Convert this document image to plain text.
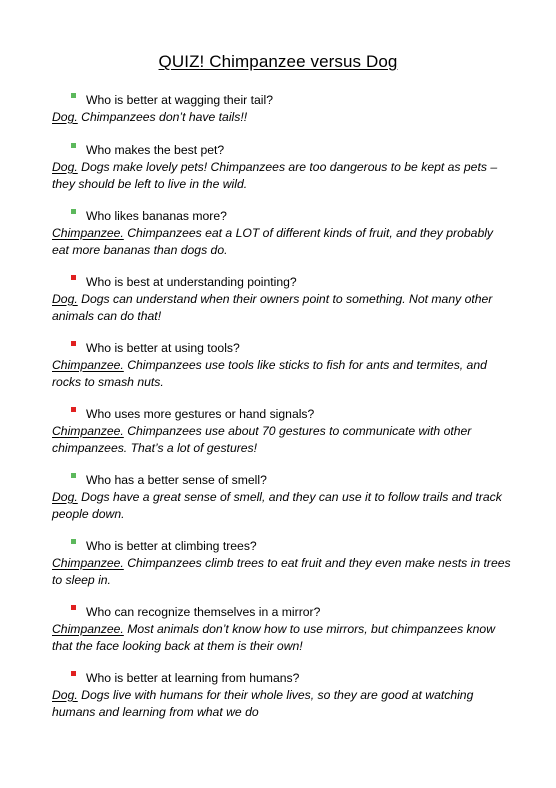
QUIZ! Chimpanzee versus Dog
Who is better at wagging their tail?
Dog. Chimpanzees don’t have tails!!
Who makes the best pet?
Dog. Dogs make lovely pets! Chimpanzees are too dangerous to be kept as pets – they should be left to live in the wild.
Who likes bananas more?
Chimpanzee. Chimpanzees eat a LOT of different kinds of fruit, and they probably eat more bananas than dogs do.
Who is best at understanding pointing?
Dog. Dogs can understand when their owners point to something. Not many other animals can do that!
Who is better at using tools?
Chimpanzee. Chimpanzees use tools like sticks to fish for ants and termites, and rocks to smash nuts.
Who uses more gestures or hand signals?
Chimpanzee. Chimpanzees use about 70 gestures to communicate with other chimpanzees. That’s a lot of gestures!
Who has a better sense of smell?
Dog. Dogs have a great sense of smell, and they can use it to follow trails and track people down.
Who is better at climbing trees?
Chimpanzee. Chimpanzees climb trees to eat fruit and they even make nests in trees to sleep in.
Who can recognize themselves in a mirror?
Chimpanzee. Most animals don’t know how to use mirrors, but chimpanzees know that the face looking back at them is their own!
Who is better at learning from humans?
Dog. Dogs live with humans for their whole lives, so they are good at watching humans and learning from what we do
